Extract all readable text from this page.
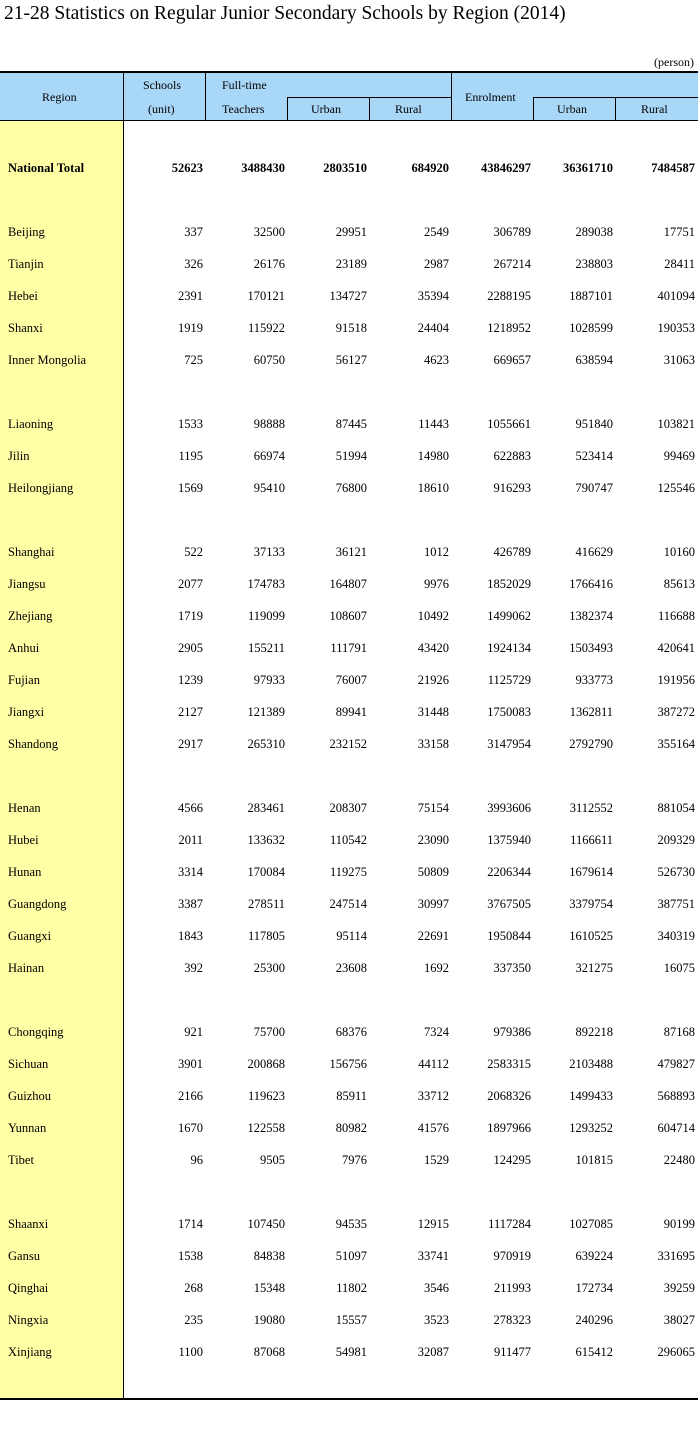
21-28 Statistics on Regular Junior Secondary Schools by Region (2014)
(person)
Region
Schools
(unit)
Full-time
Teachers	Urban	Rural
Enrolment
Urban	Rural
National Total	52623	3488430	2803510	684920	43846297	36361710	7484587
Beijing	337	32500	29951	2549	306789	289038	17751
Tianjin	326	26176	23189	2987	267214	238803	28411
Hebei	2391	170121	134727	35394	2288195	1887101	401094
Shanxi	1919	115922	91518	24404	1218952	1028599	190353
Inner Mongolia	725	60750	56127	4623	669657	638594	31063
Liaoning	1533	98888	87445	11443	1055661	951840	103821
Jilin	1195	66974	51994	14980	622883	523414	99469
Heilongjiang	1569	95410	76800	18610	916293	790747	125546
Shanghai	522	37133	36121	1012	426789	416629	10160
Jiangsu	2077	174783	164807	9976	1852029	1766416	85613
Zhejiang	1719	119099	108607	10492	1499062	1382374	116688
Anhui	2905	155211	111791	43420	1924134	1503493	420641
Fujian	1239	97933	76007	21926	1125729	933773	191956
Jiangxi	2127	121389	89941	31448	1750083	1362811	387272
Shandong	2917	265310	232152	33158	3147954	2792790	355164
Henan	4566	283461	208307	75154	3993606	3112552	881054
Hubei	2011	133632	110542	23090	1375940	1166611	209329
Hunan	3314	170084	119275	50809	2206344	1679614	526730
Guangdong	3387	278511	247514	30997	3767505	3379754	387751
Guangxi	1843	117805	95114	22691	1950844	1610525	340319
Hainan	392	25300	23608	1692	337350	321275	16075
Chongqing	921	75700	68376	7324	979386	892218	87168
Sichuan	3901	200868	156756	44112	2583315	2103488	479827
Guizhou	2166	119623	85911	33712	2068326	1499433	568893
Yunnan	1670	122558	80982	41576	1897966	1293252	604714
Tibet	96	9505	7976	1529	124295	101815	22480
Shaanxi	1714	107450	94535	12915	1117284	1027085	90199
Gansu	1538	84838	51097	33741	970919	639224	331695
Qinghai	268	15348	11802	3546	211993	172734	39259
Ningxia	235	19080	15557	3523	278323	240296	38027
Xinjiang	1100	87068	54981	32087	911477	615412	296065
